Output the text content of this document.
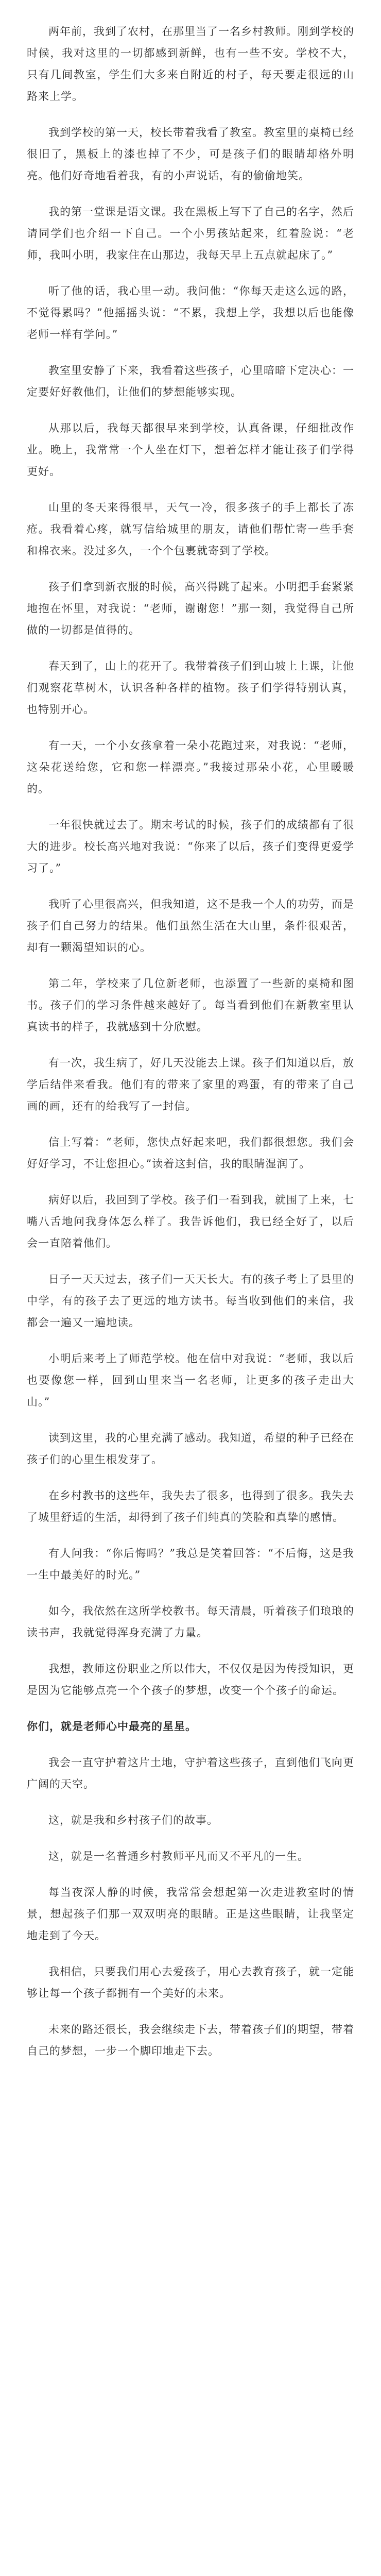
两年前，我到了农村，在那里当了一名乡村教师。刚到学校的时候，我对这里的一切都感到新鲜，也有一些不安。学校不大，只有几间教室，学生们大多来自附近的村子，每天要走很远的山路来上学。

我到学校的第一天，校长带着我看了教室。教室里的桌椅已经很旧了，黑板上的漆也掉了不少，可是孩子们的眼睛却格外明亮。他们好奇地看着我，有的小声说话，有的偷偷地笑。

我的第一堂课是语文课。我在黑板上写下了自己的名字，然后请同学们也介绍一下自己。一个小男孩站起来，红着脸说：“老师，我叫小明，我家住在山那边，我每天早上五点就起床了。”

听了他的话，我心里一动。我问他：“你每天走这么远的路，不觉得累吗？”他摇摇头说：“不累，我想上学，我想以后也能像老师一样有学问。”

教室里安静了下来，我看着这些孩子，心里暗暗下定决心：一定要好好教他们，让他们的梦想能够实现。

从那以后，我每天都很早来到学校，认真备课，仔细批改作业。晚上，我常常一个人坐在灯下，想着怎样才能让孩子们学得更好。

山里的冬天来得很早，天气一冷，很多孩子的手上都长了冻疮。我看着心疼，就写信给城里的朋友，请他们帮忙寄一些手套和棉衣来。没过多久，一个个包裹就寄到了学校。

孩子们拿到新衣服的时候，高兴得跳了起来。小明把手套紧紧地抱在怀里，对我说：“老师，谢谢您！”那一刻，我觉得自己所做的一切都是值得的。

春天到了，山上的花开了。我带着孩子们到山坡上上课，让他们观察花草树木，认识各种各样的植物。孩子们学得特别认真，也特别开心。

有一天，一个小女孩拿着一朵小花跑过来，对我说：“老师，这朵花送给您，它和您一样漂亮。”我接过那朵小花，心里暖暖的。

一年很快就过去了。期末考试的时候，孩子们的成绩都有了很大的进步。校长高兴地对我说：“你来了以后，孩子们变得更爱学习了。”

我听了心里很高兴，但我知道，这不是我一个人的功劳，而是孩子们自己努力的结果。他们虽然生活在大山里，条件很艰苦，却有一颗渴望知识的心。

第二年，学校来了几位新老师，也添置了一些新的桌椅和图书。孩子们的学习条件越来越好了。每当看到他们在新教室里认真读书的样子，我就感到十分欣慰。

有一次，我生病了，好几天没能去上课。孩子们知道以后，放学后结伴来看我。他们有的带来了家里的鸡蛋，有的带来了自己画的画，还有的给我写了一封信。

信上写着：“老师，您快点好起来吧，我们都很想您。我们会好好学习，不让您担心。”读着这封信，我的眼睛湿润了。

病好以后，我回到了学校。孩子们一看到我，就围了上来，七嘴八舌地问我身体怎么样了。我告诉他们，我已经全好了，以后会一直陪着他们。

日子一天天过去，孩子们一天天长大。有的孩子考上了县里的中学，有的孩子去了更远的地方读书。每当收到他们的来信，我都会一遍又一遍地读。

小明后来考上了师范学校。他在信中对我说：“老师，我以后也要像您一样，回到山里来当一名老师，让更多的孩子走出大山。”

读到这里，我的心里充满了感动。我知道，希望的种子已经在孩子们的心里生根发芽了。

在乡村教书的这些年，我失去了很多，也得到了很多。我失去了城里舒适的生活，却得到了孩子们纯真的笑脸和真挚的感情。

有人问我：“你后悔吗？”我总是笑着回答：“不后悔，这是我一生中最美好的时光。”

如今，我依然在这所学校教书。每天清晨，听着孩子们琅琅的读书声，我就觉得浑身充满了力量。

我想，教师这份职业之所以伟大，不仅仅是因为传授知识，更是因为它能够点亮一个个孩子的梦想，改变一个个孩子的命运。

你们，就是老师心中最亮的星星。

我会一直守护着这片土地，守护着这些孩子，直到他们飞向更广阔的天空。

这，就是我和乡村孩子们的故事。

这，就是一名普通乡村教师平凡而又不平凡的一生。

每当夜深人静的时候，我常常会想起第一次走进教室时的情景，想起孩子们那一双双明亮的眼睛。正是这些眼睛，让我坚定地走到了今天。

我相信，只要我们用心去爱孩子，用心去教育孩子，就一定能够让每一个孩子都拥有一个美好的未来。

未来的路还很长，我会继续走下去，带着孩子们的期望，带着自己的梦想，一步一个脚印地走下去。
